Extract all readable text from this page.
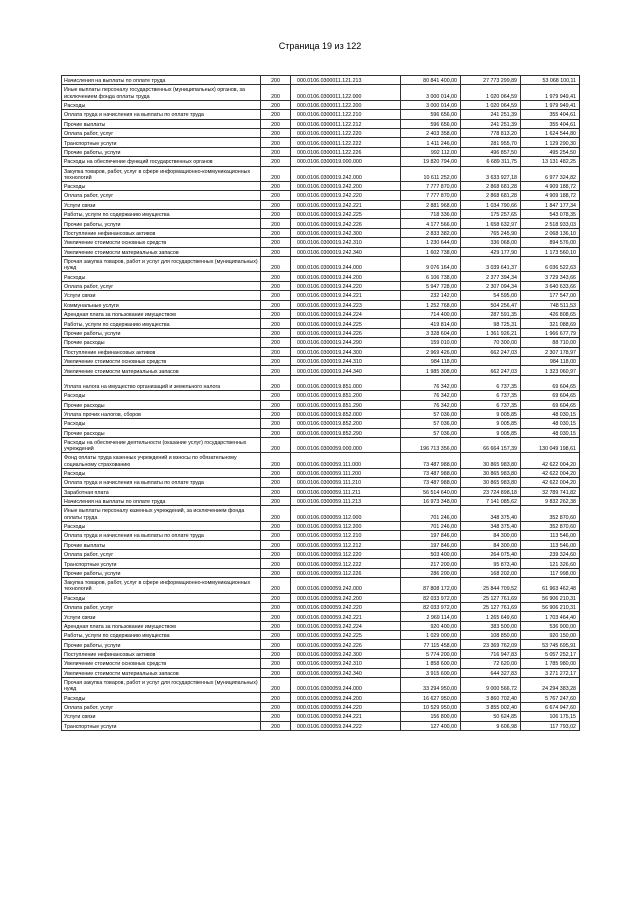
Страница 19 из 122
Начисления на выплаты по оплате труда	200	000.0106.0300011.121.213	80 841 400,00	27 773 299,89	53 068 100,11
Иные выплаты персоналу государственных (муниципальных) органов, за исключением фонда оплаты труда	200	000.0106.0300011.122.000	3 000 014,00	1 020 064,59	1 979 949,41
Расходы	200	000.0106.0300011.122.200	3 000 014,00	1 020 064,59	1 979 949,41
Оплата труда и начисления на выплаты по оплате труда	200	000.0106.0300011.122.210	596 656,00	241 251,39	355 404,61
Прочие выплаты	200	000.0106.0300011.122.212	596 656,00	241 251,39	355 404,61
Оплата работ, услуг	200	000.0106.0300011.122.220	2 403 358,00	778 813,20	1 624 544,80
Транспортные услуги	200	000.0106.0300011.122.222	1 411 246,00	281 955,70	1 129 290,30
Прочие работы, услуги	200	000.0106.0300011.122.226	992 112,00	496 857,50	495 254,50
Расходы на обеспечение функций государственных органов	200	000.0106.0300019.000.000	19 820 794,00	6 689 311,75	13 131 482,25
Закупка товаров, работ, услуг в сфере информационно-коммуникационных технологий	200	000.0106.0300019.242.000	10 611 252,00	3 633 927,18	6 977 324,82
Расходы	200	000.0106.0300019.242.200	7 777 870,00	2 868 681,28	4 909 188,72
Оплата работ, услуг	200	000.0106.0300019.242.220	7 777 870,00	2 868 681,28	4 909 188,72
Услуги связи	200	000.0106.0300019.242.221	2 881 968,00	1 034 790,66	1 847 177,34
Работы, услуги по содержанию имущества	200	000.0106.0300019.242.225	718 336,00	175 257,65	543 078,35
Прочие работы, услуги	200	000.0106.0300019.242.226	4 177 566,00	1 658 632,97	2 518 933,03
Поступление нефинансовых активов	200	000.0106.0300019.242.300	2 833 382,00	765 245,90	2 068 136,10
Увеличение стоимости основных средств	200	000.0106.0300019.242.310	1 230 644,00	336 068,00	894 576,00
Увеличение стоимости материальных запасов	200	000.0106.0300019.242.340	1 602 738,00	429 177,90	1 173 560,10
Прочая закупка товаров, работ и услуг для государственных (муниципальных) нужд	200	000.0106.0300019.244.000	9 076 164,00	3 039 641,37	6 036 522,63
Расходы	200	000.0106.0300019.244.200	6 106 738,00	2 377 394,34	3 729 343,66
Оплата работ, услуг	200	000.0106.0300019.244.220	5 947 728,00	2 307 094,34	3 640 633,66
Услуги связи	200	000.0106.0300019.244.221	232 142,00	54 595,00	177 547,00
Коммунальные услуги	200	000.0106.0300019.244.223	1 252 768,00	504 256,47	748 511,53
Арендная плата за пользование имуществом	200	000.0106.0300019.244.224	714 400,00	287 591,35	426 808,65
Работы, услуги по содержанию имущества	200	000.0106.0300019.244.225	419 814,00	98 725,31	321 088,69
Прочие работы, услуги	200	000.0106.0300019.244.226	3 328 604,00	1 361 926,21	1 966 677,79
Прочие расходы	200	000.0106.0300019.244.290	159 010,00	70 300,00	88 710,00
Поступление нефинансовых активов	200	000.0106.0300019.244.300	2 969 426,00	662 247,03	2 307 178,97
Увеличение стоимости основных средств	200	000.0106.0300019.244.310	984 118,00		984 118,00
Увеличение стоимости материальных запасов	200	000.0106.0300019.244.340	1 985 308,00	662 247,03	1 323 060,97
Уплата налога на имущество организаций и земельного налога	200	000.0106.0300019.851.000	76 342,00	6 737,35	69 604,65
Расходы	200	000.0106.0300019.851.200	76 342,00	6 737,35	69 604,65
Прочие расходы	200	000.0106.0300019.851.290	76 342,00	6 737,35	69 604,65
Уплата прочих налогов, сборов	200	000.0106.0300019.852.000	57 036,00	9 005,85	48 030,15
Расходы	200	000.0106.0300019.852.200	57 036,00	9 005,85	48 030,15
Прочие расходы	200	000.0106.0300019.852.290	57 036,00	9 005,85	48 030,15
Расходы на обеспечение деятельности (оказание услуг) государственных учреждений	200	000.0106.0300059.000.000	196 713 356,00	66 664 157,39	130 049 198,61
Фонд оплаты труда казенных учреждений и взносы по обязательному социальному страхованию	200	000.0106.0300059.111.000	73 487 988,00	30 865 983,80	42 622 004,20
Расходы	200	000.0106.0300059.111.200	73 487 988,00	30 865 983,80	42 622 004,20
Оплата труда и начисления на выплаты по оплате труда	200	000.0106.0300059.111.210	73 487 988,00	30 865 983,80	42 622 004,20
Заработная плата	200	000.0106.0300059.111.211	56 514 640,00	23 724 898,18	32 789 741,82
Начисления на выплаты по оплате труда	200	000.0106.0300059.111.213	16 973 348,00	7 141 085,62	9 832 262,38
Иные выплаты персоналу казенных учреждений, за исключением фонда оплаты труда	200	000.0106.0300059.112.000	701 246,00	348 375,40	352 870,60
Расходы	200	000.0106.0300059.112.200	701 246,00	348 375,40	352 870,60
Оплата труда и начисления на выплаты по оплате труда	200	000.0106.0300059.112.210	197 846,00	84 300,00	113 546,00
Прочие выплаты	200	000.0106.0300059.112.212	197 846,00	84 300,00	113 546,00
Оплата работ, услуг	200	000.0106.0300059.112.220	503 400,00	264 075,40	239 324,60
Транспортные услуги	200	000.0106.0300059.112.222	217 200,00	95 873,40	121 326,60
Прочие работы, услуги	200	000.0106.0300059.112.226	286 200,00	168 202,00	117 998,00
Закупка товаров, работ, услуг в сфере информационно-коммуникационных технологий	200	000.0106.0300059.242.000	87 808 172,00	25 844 709,52	61 963 462,48
Расходы	200	000.0106.0300059.242.200	82 033 972,00	25 127 761,69	56 906 210,31
Оплата работ, услуг	200	000.0106.0300059.242.220	82 033 972,00	25 127 761,69	56 906 210,31
Услуги связи	200	000.0106.0300059.242.221	2 969 114,00	1 265 649,60	1 703 464,40
Арендная плата за пользование имуществом	200	000.0106.0300059.242.224	920 400,00	383 500,00	536 900,00
Работы, услуги по содержанию имущества	200	000.0106.0300059.242.225	1 029 000,00	108 850,00	920 150,00
Прочие работы, услуги	200	000.0106.0300059.242.226	77 115 458,00	23 369 762,09	53 745 695,91
Поступление нефинансовых активов	200	000.0106.0300059.242.300	5 774 200,00	716 947,83	5 057 252,17
Увеличение стоимости основных средств	200	000.0106.0300059.242.310	1 858 600,00	72 620,00	1 785 980,00
Увеличение стоимости материальных запасов	200	000.0106.0300059.242.340	3 915 600,00	644 327,83	3 271 272,17
Прочая закупка товаров, работ и услуг для государственных (муниципальных) нужд	200	000.0106.0300059.244.000	33 294 950,00	9 000 566,72	24 294 383,28
Расходы	200	000.0106.0300059.244.200	16 627 950,00	3 860 702,40	5 767 247,60
Оплата работ, услуг	200	000.0106.0300059.244.220	10 529 950,00	3 855 002,40	6 674 947,60
Услуги связи	200	000.0106.0300059.244.221	156 800,00	50 624,85	106 175,15
Транспортные услуги	200	000.0106.0300059.244.222	127 400,00	9 606,98	117 793,02
